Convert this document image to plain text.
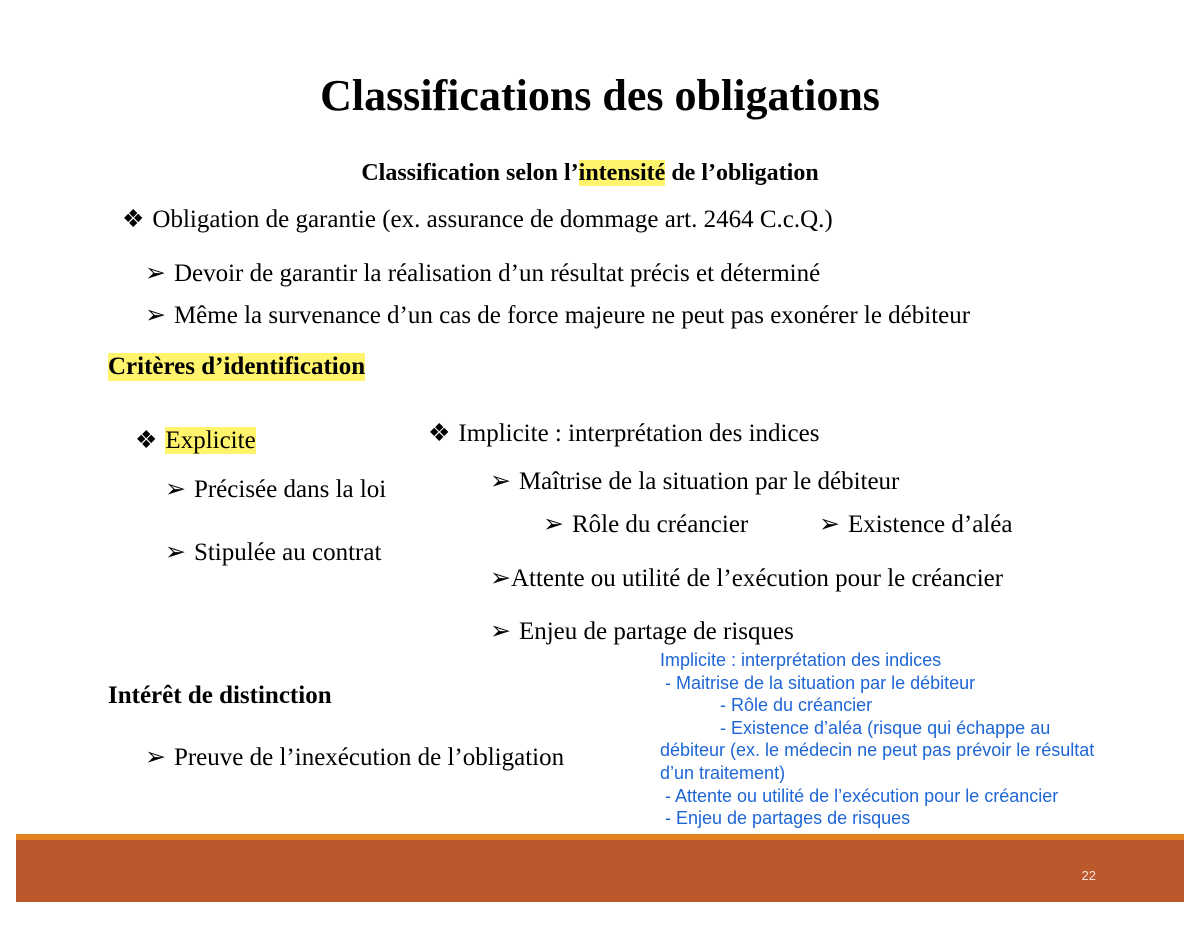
Classifications des obligations
Classification selon l’intensité de l’obligation
❖ Obligation de garantie (ex. assurance de dommage art. 2464 C.c.Q.)
➢ Devoir de garantir la réalisation d’un résultat précis et déterminé
➢ Même la survenance d’un cas de force majeure ne peut pas exonérer le débiteur
Critères d’identification
❖ Explicite
➢ Précisée dans la loi
➢ Stipulée au contrat
❖ Implicite : interprétation des indices
➢ Maîtrise de la situation par le débiteur
➢ Rôle du créancier	➢ Existence d’aléa
➢Attente ou utilité de l’exécution pour le créancier
➢ Enjeu de partage de risques
Intérêt de distinction
➢ Preuve de l’inexécution de l’obligation
Implicite : interprétation des indices
- Maitrise de la situation par le débiteur
- Rôle du créancier
- Existence d’aléa (risque qui échappe au
débiteur (ex. le médecin ne peut pas prévoir le résultat
d’un traitement)
- Attente ou utilité de l’exécution pour le créancier
- Enjeu de partages de risques
22
